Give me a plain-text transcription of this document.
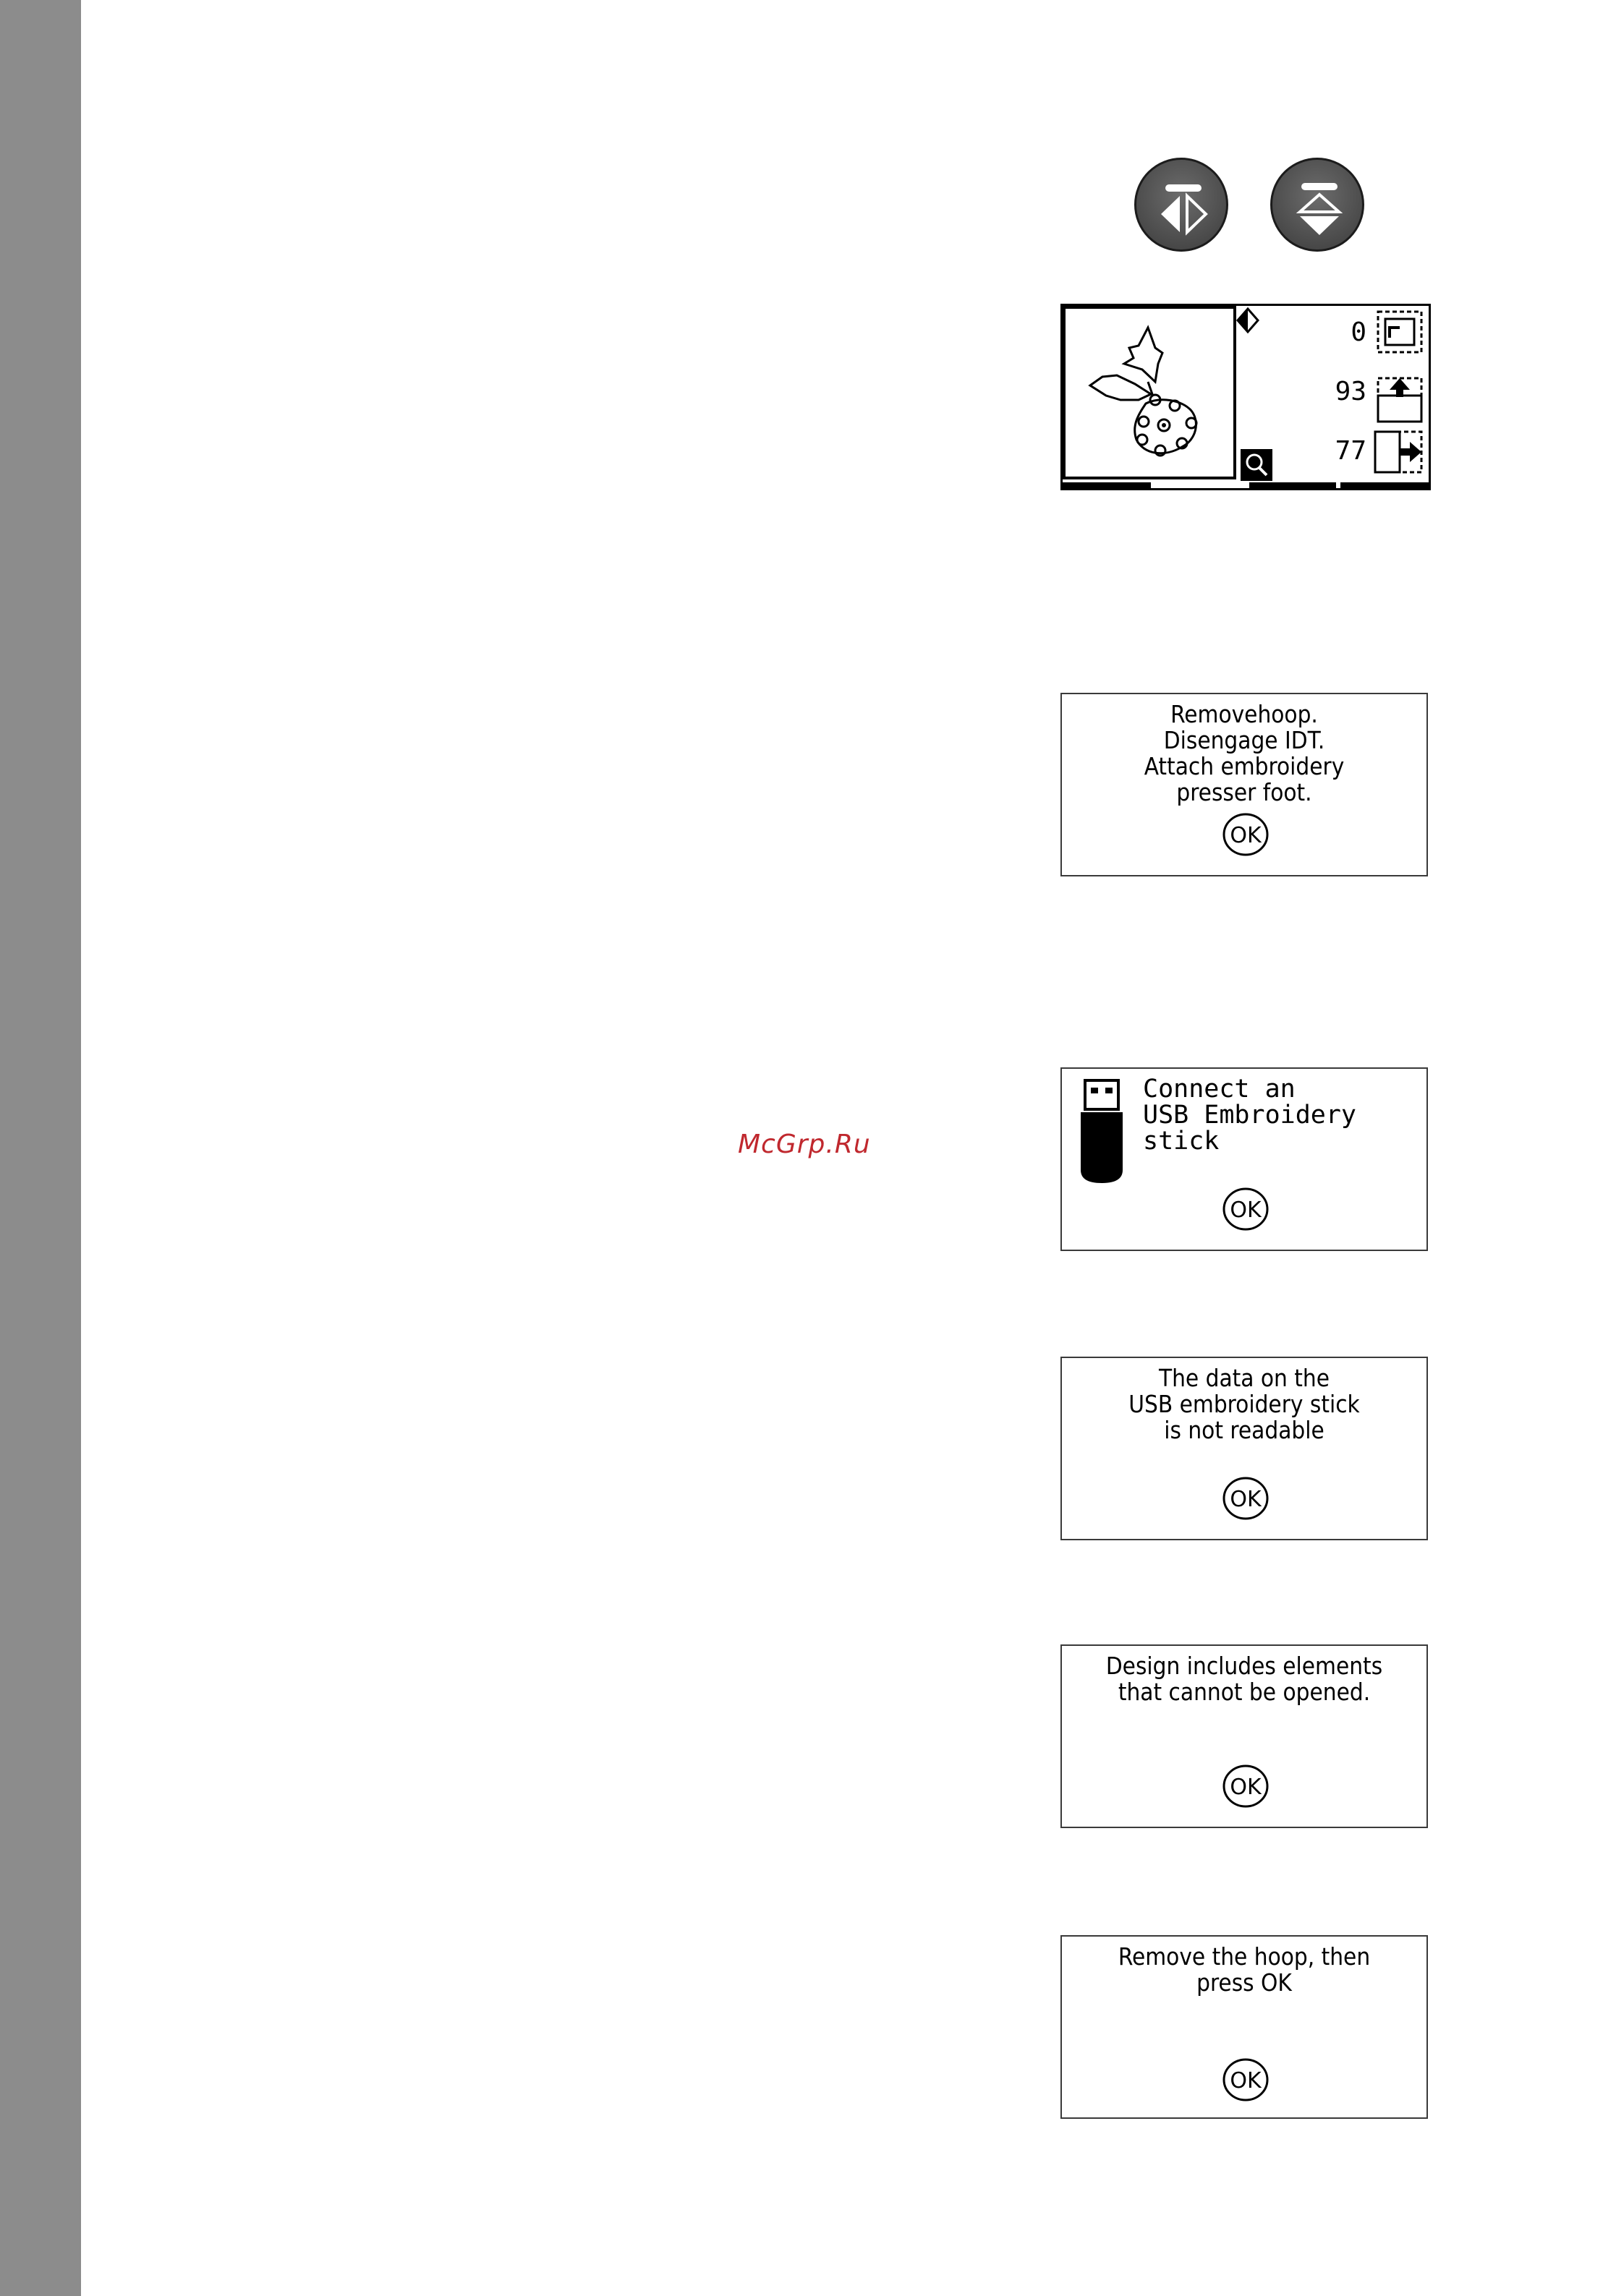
McGrp.Ru
0
93
77
Removehoop.
Disengage IDT.
Attach embroidery
presser foot.
OK
Connect an
USB Embroidery
stick
OK
The data on the
USB embroidery stick
is not readable
OK
Design includes elements
that cannot be opened.
OK
Remove the hoop, then
press OK
OK
